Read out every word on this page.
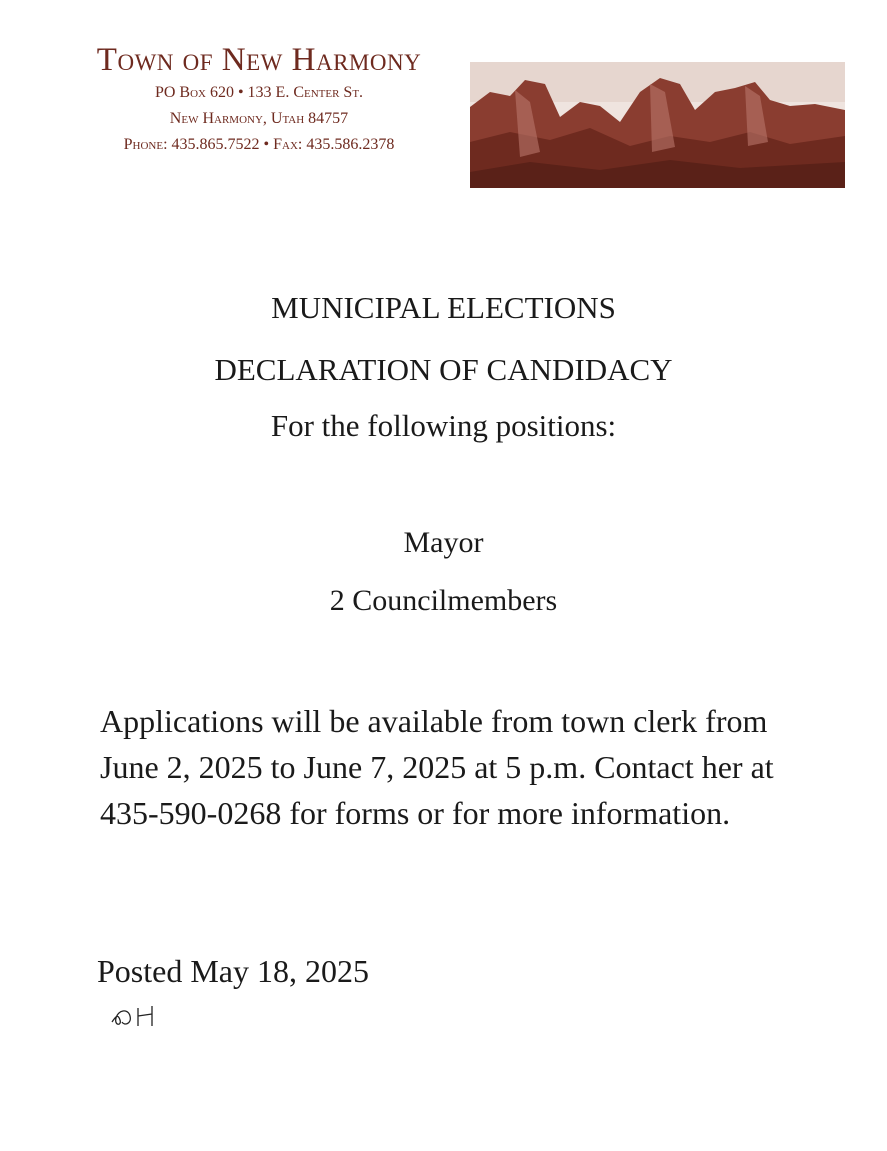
Town of New Harmony
PO Box 620 • 133 E. Center St.
New Harmony, Utah 84757
Phone: 435.865.7522 • Fax: 435.586.2378
MUNICIPAL ELECTIONS
DECLARATION OF CANDIDACY
For the following positions:
Mayor
2 Councilmembers
Applications will be available from town clerk from June 2, 2025 to June 7, 2025 at 5 p.m. Contact her at 435-590-0268 for forms or for more information.
Posted May 18, 2025
